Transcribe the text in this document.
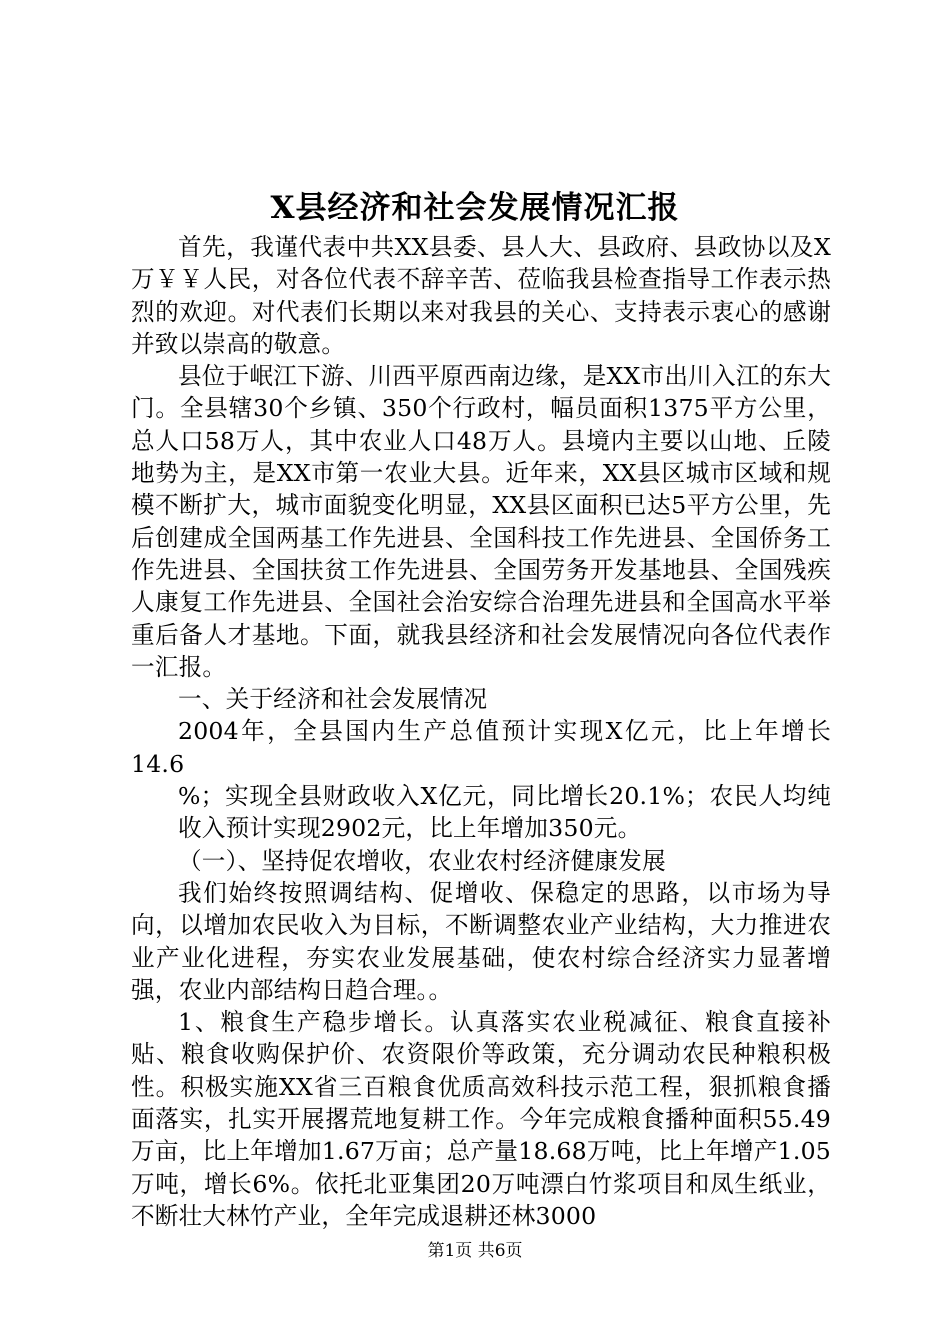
X县经济和社会发展情况汇报

首先，我谨代表中共XX县委、县人大、县政府、县政协以及X万￥￥人民，对各位代表不辞辛苦、莅临我县检查指导工作表示热烈的欢迎。对代表们长期以来对我县的关心、支持表示衷心的感谢并致以崇高的敬意。

县位于岷江下游、川西平原西南边缘，是XX市出川入江的东大门。全县辖30个乡镇、350个行政村，幅员面积1375平方公里，总人口58万人，其中农业人口48万人。县境内主要以山地、丘陵地势为主，是XX市第一农业大县。近年来，XX县区城市区域和规模不断扩大，城市面貌变化明显，XX县区面积已达5平方公里，先后创建成全国两基工作先进县、全国科技工作先进县、全国侨务工作先进县、全国扶贫工作先进县、全国劳务开发基地县、全国残疾人康复工作先进县、全国社会治安综合治理先进县和全国高水平举重后备人才基地。下面，就我县经济和社会发展情况向各位代表作一汇报。

一、关于经济和社会发展情况

2004年，全县国内生产总值预计实现X亿元，比上年增长14.6

%；实现全县财政收入X亿元，同比增长20.1%；农民人均纯收入预计实现2902元，比上年增加350元。

（一）、坚持促农增收，农业农村经济健康发展

我们始终按照调结构、促增收、保稳定的思路，以市场为导向，以增加农民收入为目标，不断调整农业产业结构，大力推进农业产业化进程，夯实农业发展基础，使农村综合经济实力显著增强，农业内部结构日趋合理。。

1、粮食生产稳步增长。认真落实农业税减征、粮食直接补贴、粮食收购保护价、农资限价等政策，充分调动农民种粮积极性。积极实施XX省三百粮食优质高效科技示范工程，狠抓粮食播面落实，扎实开展撂荒地复耕工作。今年完成粮食播种面积55.49万亩，比上年增加1.67万亩；总产量18.68万吨，比上年增产1.05万吨，增长6%。依托北亚集团20万吨漂白竹浆项目和凤生纸业，不断壮大林竹产业，全年完成退耕还林3000

第1页 共6页
